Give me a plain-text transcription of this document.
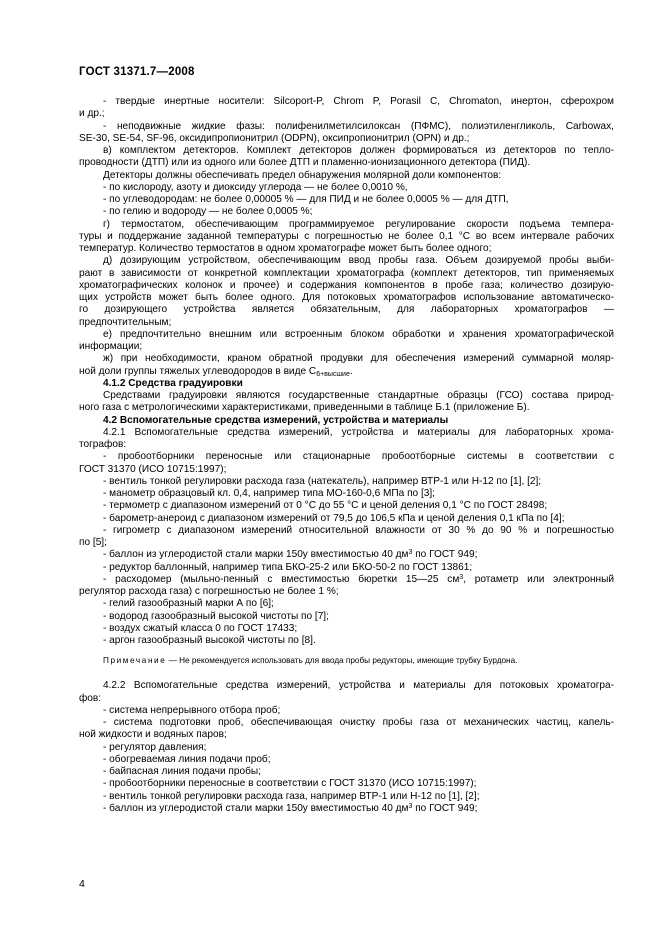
ГОСТ 31371.7—2008

- твердые инертные носители: Silcoport-P, Chrom P, Porasil C, Chromaton, инертон, сферохром

и др.;

- неподвижные жидкие фазы: полифенилметилсилоксан (ПФМС), полиэтиленгликоль, Carbowax,

SE-30, SE-54, SF-96, оксидипропионитрил (ODPN), оксипропионитрил (OPN) и др.;

в) комплектом детекторов. Комплект детекторов должен формироваться из детекторов по тепло-

проводности (ДТП) или из одного или более ДТП и пламенно-ионизационного детектора (ПИД).

Детекторы должны обеспечивать предел обнаружения молярной доли компонентов:

- по кислороду, азоту и диоксиду углерода — не более 0,0010 %,

- по углеводородам: не более 0,00005 % — для ПИД и не более 0,0005 % — для ДТП,

- по гелию и водороду — не более 0,0005 %;

г) термостатом, обеспечивающим программируемое регулирование скорости подъема темпера-

туры и поддержание заданной температуры с погрешностью не более 0,1 °С во всем интервале рабочих

температур. Количество термостатов в одном хроматографе может быть более одного;

д) дозирующим устройством, обеспечивающим ввод пробы газа. Объем дозируемой пробы выби-

рают в зависимости от конкретной комплектации хроматографа (комплект детекторов, тип применяемых

хроматографических колонок и прочее) и содержания компонентов в пробе газа; количество дозирую-

щих устройств может быть более одного. Для потоковых хроматографов использование автоматическо-

го дозирующего устройства является обязательным, для лабораторных хроматографов —

предпочтительным;

е) предпочтительно внешним или встроенным блоком обработки и хранения хроматографической

информации;

ж) при необходимости, краном обратной продувки для обеспечения измерений суммарной моляр-

ной доли группы тяжелых углеводородов в виде $С_{6+высшие}$.

4.1.2 Средства градуировки

Средствами градуировки являются государственные стандартные образцы (ГСО) состава природ-

ного газа с метрологическими характеристиками, приведенными в таблице Б.1 (приложение Б).

4.2 Вспомогательные средства измерений, устройства и материалы

4.2.1 Вспомогательные средства измерений, устройства и материалы для лабораторных хрома-

тографов:

- пробоотборники переносные или стационарные пробоотборные системы в соответствии с

ГОСТ 31370 (ИСО 10715:1997);

- вентиль тонкой регулировки расхода газа (натекатель), например ВТР-1 или Н-12 по [1], [2];

- манометр образцовый кл. 0,4, например типа МО-160-0,6 МПа по [3];

- термометр с диапазоном измерений от 0 °С до 55 °С и ценой деления 0,1 °С по ГОСТ 28498;

- барометр-анероид с диапазоном измерений от 79,5 до 106,5 кПа и ценой деления 0,1 кПа по [4];

- гигрометр с диапазоном измерений относительной влажности от 30 % до 90 % и погрешностью

по [5];

- баллон из углеродистой стали марки 150у вместимостью 40 $дм^3$ по ГОСТ 949;

- редуктор баллонный, например типа БКО-25-2 или БКО-50-2 по ГОСТ 13861;

- расходомер (мыльно-пенный с вместимостью бюретки 15—25 $см^3$, ротаметр или электронный

регулятор расхода газа) с погрешностью не более 1 %;

- гелий газообразный марки А по [6];

- водород газообразный высокой чистоты по [7];

- воздух сжатый класса 0 по ГОСТ 17433;

- аргон газообразный высокой чистоты по [8].

Примечание — Не рекомендуется использовать для ввода пробы редукторы, имеющие трубку Бурдона.

4.2.2 Вспомогательные средства измерений, устройства и материалы для потоковых хроматогра-

фов:

- система непрерывного отбора проб;

- система подготовки проб, обеспечивающая очистку пробы газа от механических частиц, капель-

ной жидкости и водяных паров;

- регулятор давления;

- обогреваемая линия подачи проб;

- байпасная линия подачи пробы;

- пробоотборники переносные в соответствии с ГОСТ 31370 (ИСО 10715:1997);

- вентиль тонкой регулировки расхода газа, например ВТР-1 или Н-12 по [1], [2];

- баллон из углеродистой стали марки 150у вместимостью 40 $дм^3$ по ГОСТ 949;

4
